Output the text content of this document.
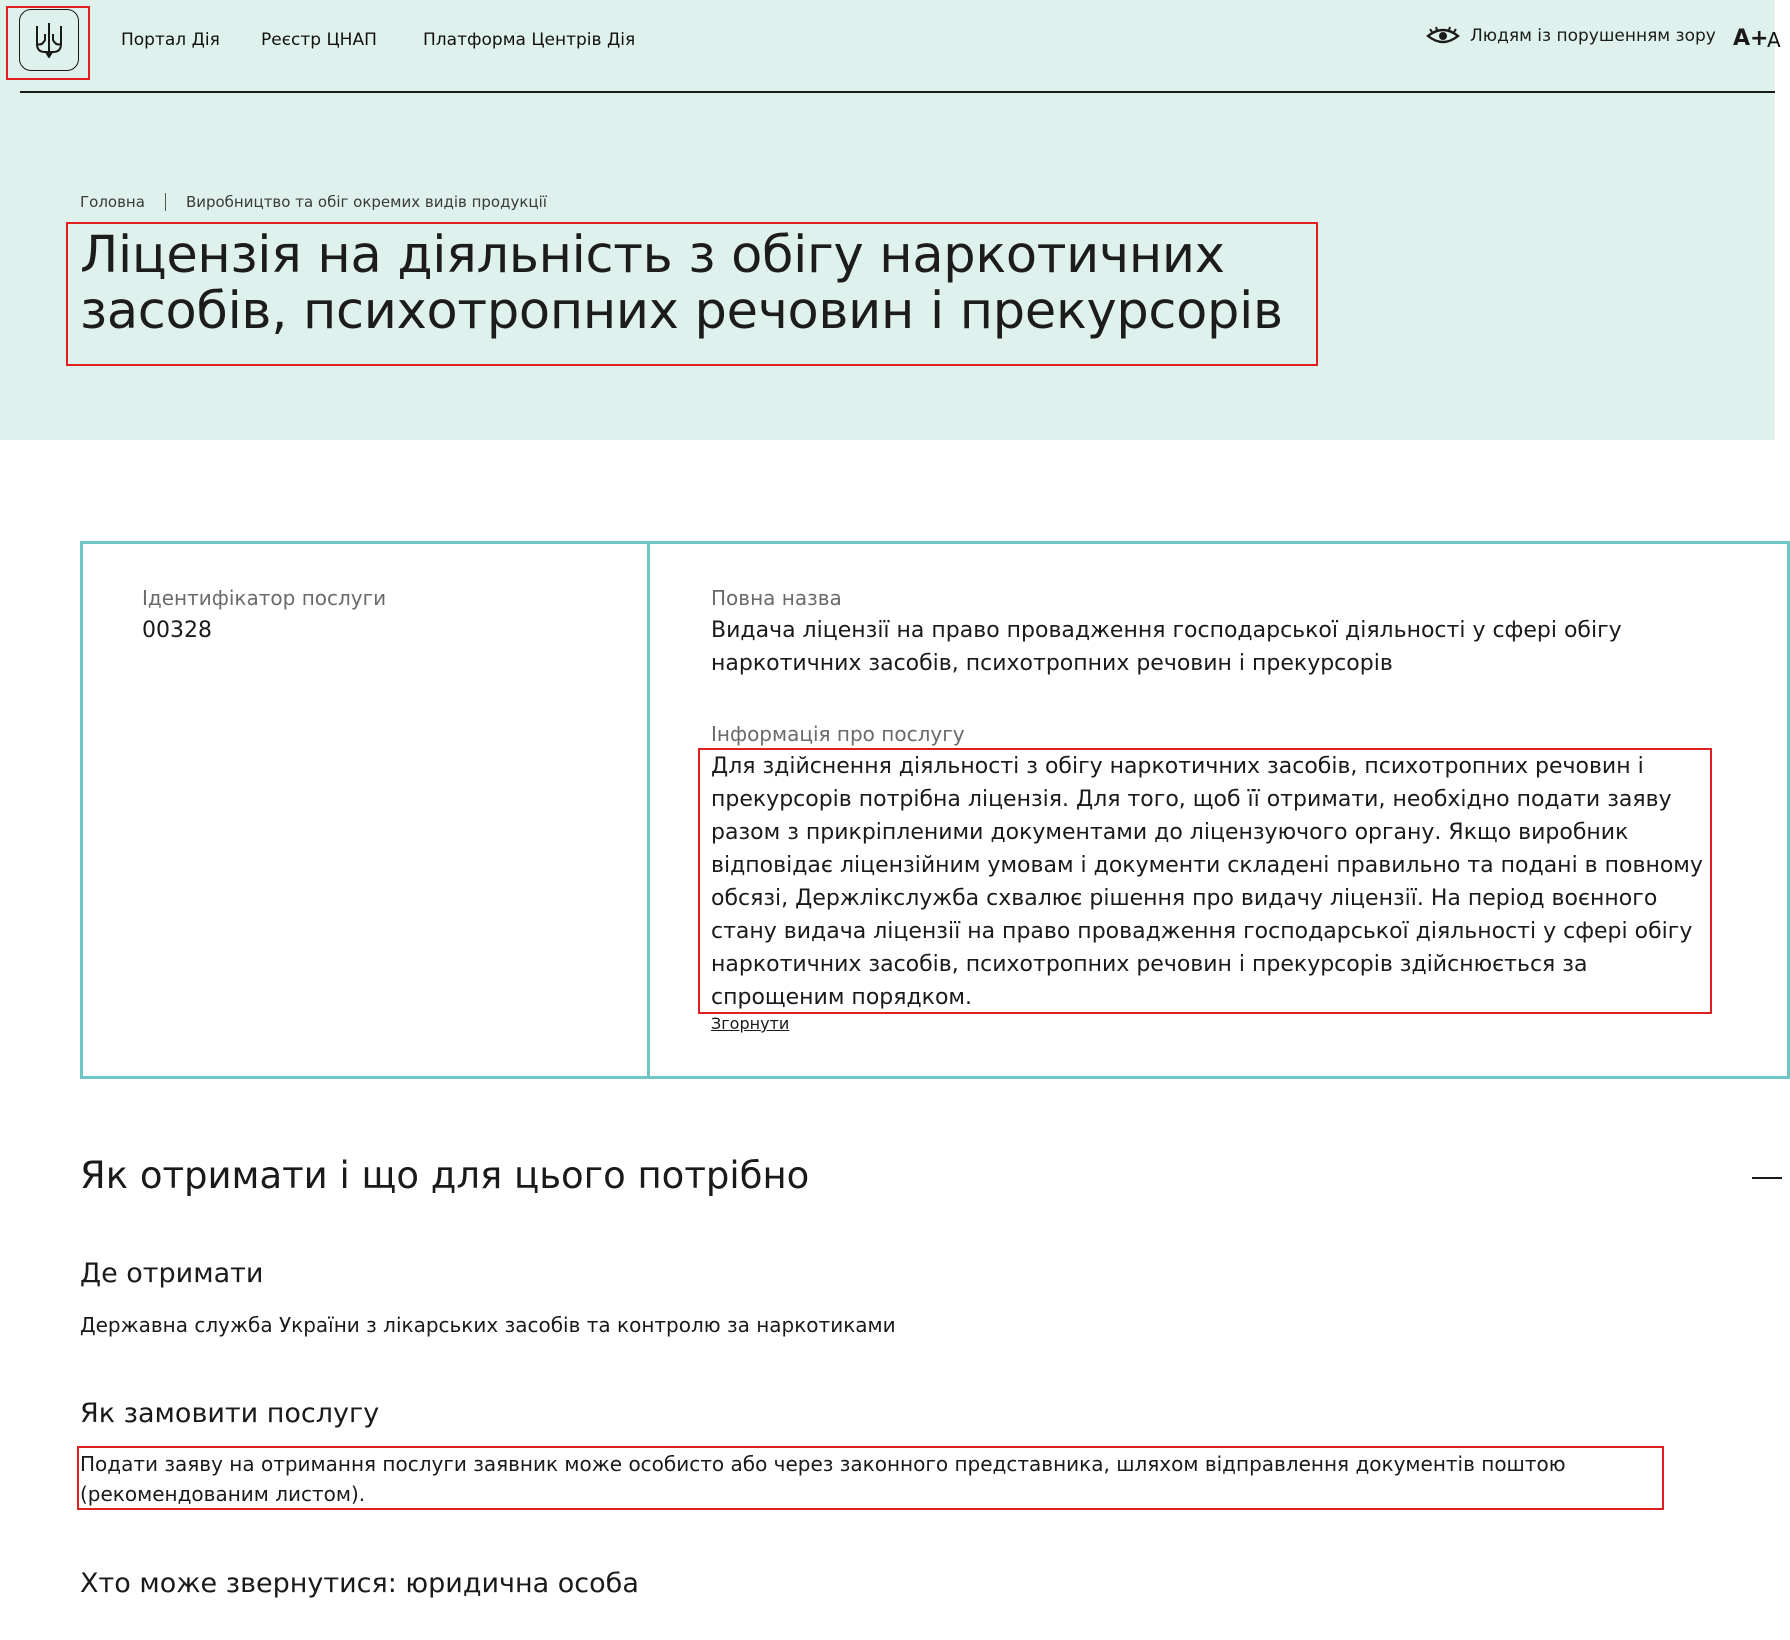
Портал Дія Реєстр ЦНАП	Платформа Центрів Дія	Людям із порушенням зору A+
A
Головна	Виробництво та обіг окремих видів продукції
Ліцензія на діяльність з обігу наркотичних засобів, психотропних речовин і прекурсорів
Ідентифікатор послуги
00328
Повна назва
Видача ліцензії на право провадження господарської діяльності у сфері обігу наркотичних засобів, психотропних речовин і прекурсорів
Інформація про послугу
Для здійснення діяльності з обігу наркотичних засобів, психотропних речовин і прекурсорів потрібна ліцензія. Для того, щоб її отримати, необхідно подати заяву разом з прикріпленими документами до ліцензуючого органу. Якщо виробник відповідає ліцензійним умовам і документи складені правильно та подані в повному обсязі, Держлікслужба схвалює рішення про видачу ліцензії. На період воєнного стану видача ліцензії на право провадження господарської діяльності у сфері обігу наркотичних засобів, психотропних речовин і прекурсорів здійснюється за спрощеним порядком.
Згорнути
Як отримати і що для цього потрібно
Де отримати
Державна служба України з лікарських засобів та контролю за наркотиками
Як замовити послугу
Подати заяву на отримання послуги заявник може особисто або через законного представника, шляхом відправлення документів поштою (рекомендованим листом).
Хто може звернутися: юридична особа
